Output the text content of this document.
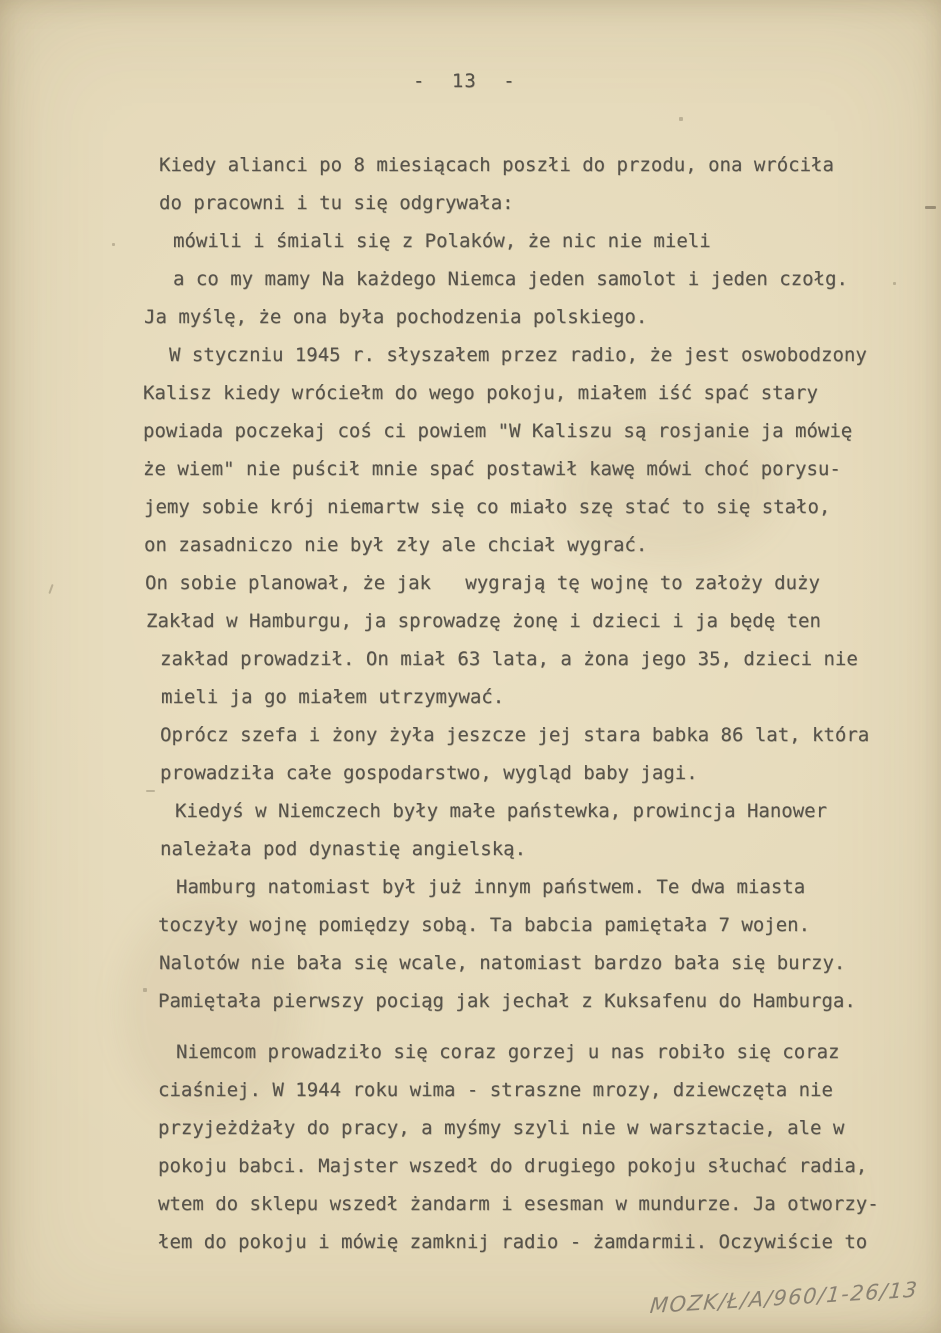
- 13 -
Kiedy alianci po 8 miesiącach poszłi do przodu, ona wróciła
do pracowni i tu się odgrywała:
mówili i śmiali się z Polaków, że nic nie mieli
a co my mamy Na każdego Niemca jeden samolot i jeden czołg.
Ja myślę, że ona była pochodzenia polskiego.
W styczniu 1945 r. słyszałem przez radio, że jest oswobodzony
Kalisz kiedy wróciełm do wego pokoju, miałem iść spać stary
powiada poczekaj coś ci powiem "W Kaliszu są rosjanie ja mówię
że wiem" nie puścił mnie spać postawił kawę mówi choć porysu-
jemy sobie krój niemartw się co miało szę stać to się stało,
on zasadniczo nie był zły ale chciał wygrać.
On sobie planował, że jak   wygrają tę wojnę to założy duży
Zakład w Hamburgu, ja sprowadzę żonę i dzieci i ja będę ten
zakład prowadził. On miał 63 lata, a żona jego 35, dzieci nie
mieli ja go miałem utrzymywać.
Oprócz szefa i żony żyła jeszcze jej stara babka 86 lat, która
prowadziła całe gospodarstwo, wygląd baby jagi.
Kiedyś w Niemczech były małe państewka, prowincja Hanower
należała pod dynastię angielską.
Hamburg natomiast był już innym państwem. Te dwa miasta
toczyły wojnę pomiędzy sobą. Ta babcia pamiętała 7 wojen.
Nalotów nie bała się wcale, natomiast bardzo bała się burzy.
Pamiętała pierwszy pociąg jak jechał z Kuksafenu do Hamburga.
Niemcom prowadziło się coraz gorzej u nas robiło się coraz
ciaśniej. W 1944 roku wima - straszne mrozy, dziewczęta nie
przyjeżdżały do pracy, a myśmy szyli nie w warsztacie, ale w
pokoju babci. Majster wszedł do drugiego pokoju słuchać radia,
wtem do sklepu wszedł żandarm i esesman w mundurze. Ja otworzy-
łem do pokoju i mówię zamknij radio - żamdarmii. Oczywiście to
MOZK/Ł/A/960/1-26/13
